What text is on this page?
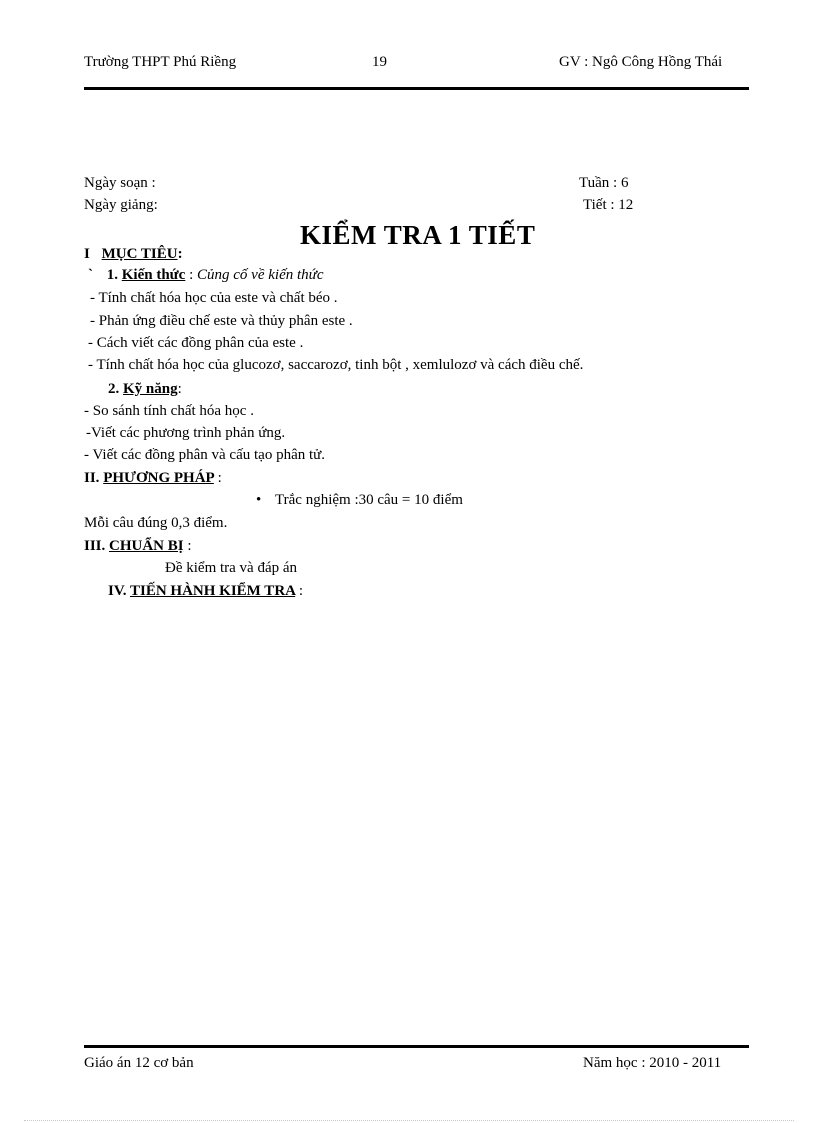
Trường THPT Phú Riềng	19	GV : Ngô Công Hồng Thái
Ngày soạn :	Tuần : 6
Ngày giảng:	Tiết : 12
KIỂM TRA 1 TIẾT
I MỤC TIÊU:
` 1. Kiến thức : Củng cố về kiến thức
- Tính chất hóa học của este và chất béo .
- Phản ứng điều chế este và thủy phân este .
- Cách viết các đồng phân của este .
- Tính chất hóa học của glucozơ, saccarozơ, tinh bột , xemlulozơ và cách điều chế.
2. Kỹ năng:
- So sánh tính chất hóa học .
-Viết các phương trình phản ứng.
- Viết các đồng phân và cấu tạo phân tử.
II. PHƯƠNG PHÁP :
• Trắc nghiệm :30 câu = 10 điểm
Mỗi câu đúng 0,3 điểm.
III. CHUẨN BỊ :
Đề kiểm tra và đáp án
IV. TIẾN HÀNH KIỂM TRA :
Giáo án 12 cơ bản	Năm học : 2010 - 2011
